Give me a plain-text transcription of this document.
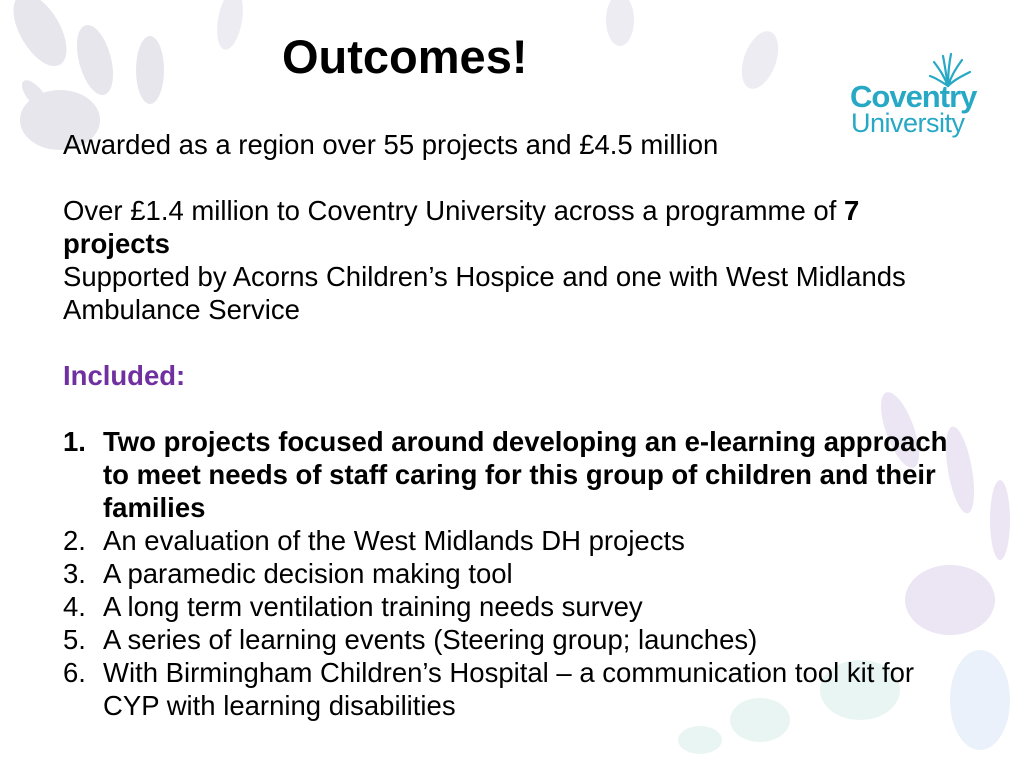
Outcomes!
Coventry
University

Awarded as a region over 55 projects and £4.5 million

Over £1.4 million to Coventry University across a programme of 7 projects

Supported by Acorns Children’s Hospice and one with West Midlands Ambulance Service

Included:

1. Two projects focused around developing an e-learning approach to meet needs of staff caring for this group of children and their families
2. An evaluation of the West Midlands DH projects
3. A paramedic decision making tool
4. A long term ventilation training needs survey
5. A series of learning events (Steering group; launches)
6. With Birmingham Children’s Hospital – a communication tool kit for CYP with learning disabilities
